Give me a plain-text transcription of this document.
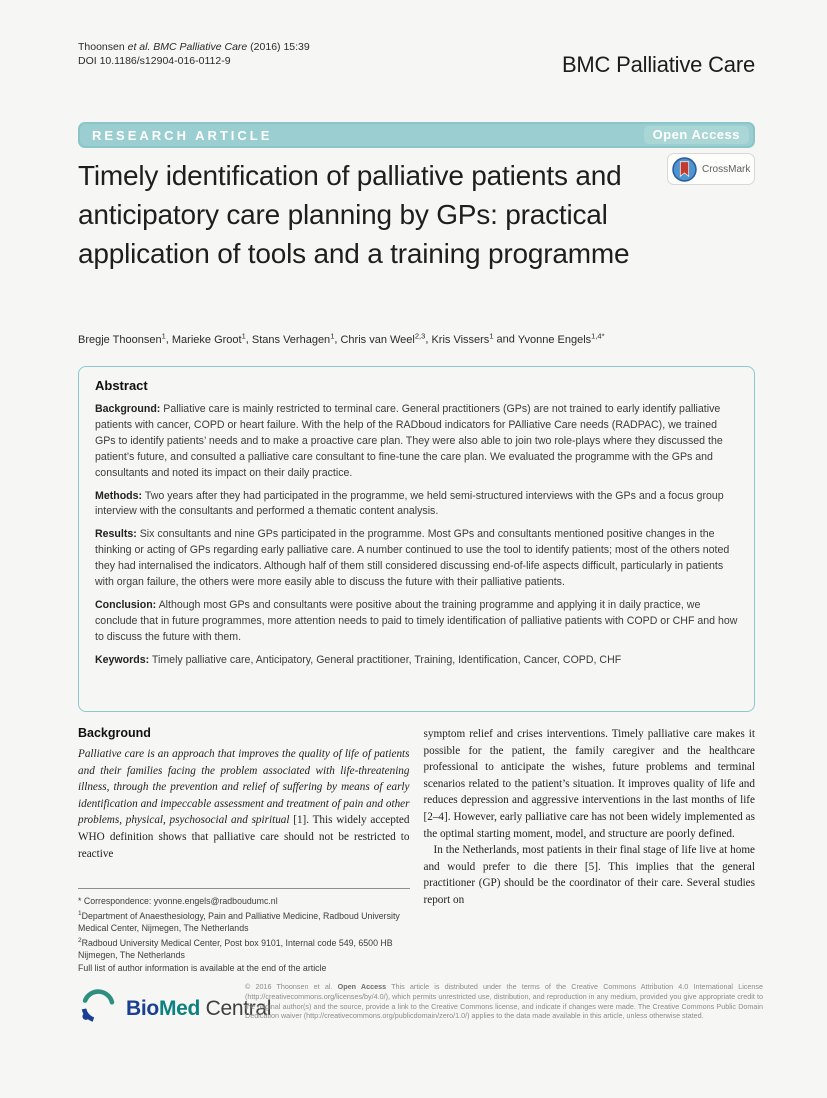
Thoonsen et al. BMC Palliative Care (2016) 15:39
DOI 10.1186/s12904-016-0112-9	BMC Palliative Care
RESEARCH ARTICLE	Open Access
CrossMark
Timely identification of palliative patients and anticipatory care planning by GPs: practical application of tools and a training programme
Bregje Thoonsen$^1$, Marieke Groot$^1$, Stans Verhagen$^1$, Chris van Weel$^{2,3}$, Kris Vissers$^1$ and Yvonne Engels$^{1,4*}$
Abstract

Background: Palliative care is mainly restricted to terminal care. General practitioners (GPs) are not trained to early identify palliative patients with cancer, COPD or heart failure. With the help of the RADboud indicators for PAlliative Care needs (RADPAC), we trained GPs to identify patients’ needs and to make a proactive care plan. They were also able to join two role-plays where they discussed the patient’s future, and consulted a palliative care consultant to fine-tune the care plan. We evaluated the programme with the GPs and consultants and noted its impact on their daily practice.

Methods: Two years after they had participated in the programme, we held semi-structured interviews with the GPs and a focus group interview with the consultants and performed a thematic content analysis.

Results: Six consultants and nine GPs participated in the programme. Most GPs and consultants mentioned positive changes in the thinking or acting of GPs regarding early palliative care. A number continued to use the tool to identify patients; most of the others noted they had internalised the indicators. Although half of them still considered discussing end-of-life aspects difficult, particularly in patients with organ failure, the others were more easily able to discuss the future with their palliative patients.

Conclusion: Although most GPs and consultants were positive about the training programme and applying it in daily practice, we conclude that in future programmes, more attention needs to paid to timely identification of palliative patients with COPD or CHF and how to discuss the future with them.

Keywords: Timely palliative care, Anticipatory, General practitioner, Training, Identification, Cancer, COPD, CHF

Background

Palliative care is an approach that improves the quality of life of patients and their families facing the problem associated with life-threatening illness, through the prevention and relief of suffering by means of early identification and impeccable assessment and treatment of pain and other problems, physical, psychosocial and spiritual [1]. This widely accepted WHO definition shows that palliative care should not be restricted to reactive

symptom relief and crises interventions. Timely palliative care makes it possible for the patient, the family caregiver and the healthcare professional to anticipate the wishes, future problems and terminal scenarios related to the patient’s situation. It improves quality of life and reduces depression and aggressive interventions in the last months of life [2–4]. However, early palliative care has not been widely implemented as the optimal starting moment, model, and structure are poorly defined.

In the Netherlands, most patients in their final stage of life live at home and would prefer to die there [5]. This implies that the general practitioner (GP) should be the coordinator of their care. Several studies report on

* Correspondence: yvonne.engels@radboudumc.nl
$^1$Department of Anaesthesiology, Pain and Palliative Medicine, Radboud University Medical Center, Nijmegen, The Netherlands
$^2$Radboud University Medical Center, Post box 9101, Internal code 549, 6500 HB Nijmegen, The Netherlands
Full list of author information is available at the end of the article
BioMed Central

© 2016 Thoonsen et al. Open Access This article is distributed under the terms of the Creative Commons Attribution 4.0 International License (http://creativecommons.org/licenses/by/4.0/), which permits unrestricted use, distribution, and reproduction in any medium, provided you give appropriate credit to the original author(s) and the source, provide a link to the Creative Commons license, and indicate if changes were made. The Creative Commons Public Domain Dedication waiver (http://creativecommons.org/publicdomain/zero/1.0/) applies to the data made available in this article, unless otherwise stated.
